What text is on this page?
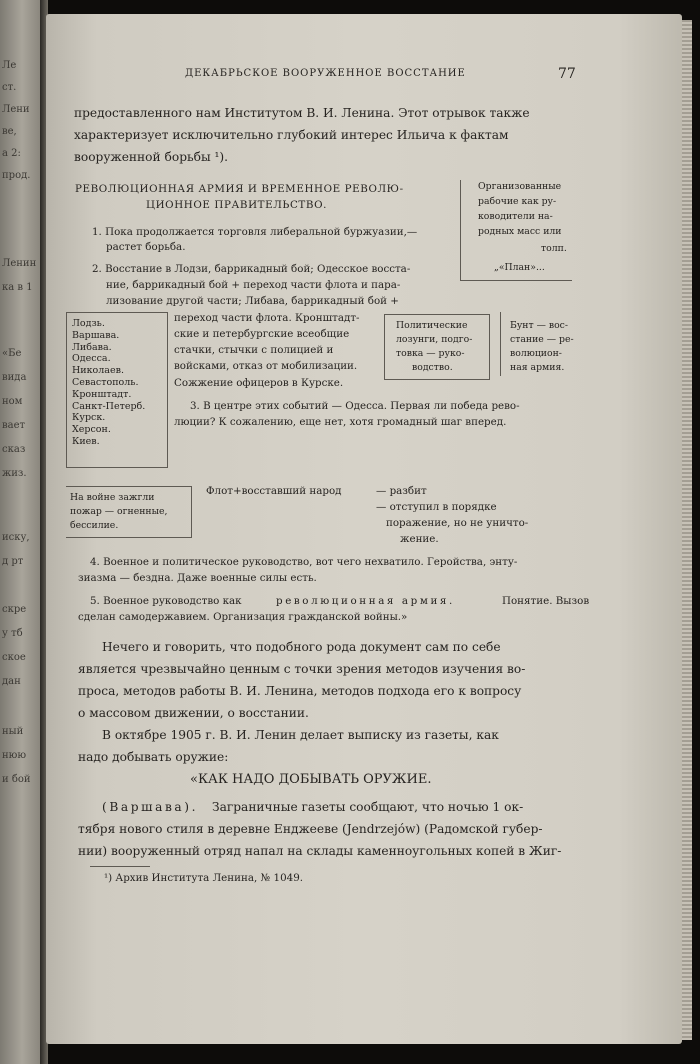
Ле
ст.
Лени
ве,
а 2:
прод.
Ленин
ка в 1
«Бе
вида
ном
вает
сказ
жиз.
иску,
д рт
скре
у тб
ское
дан
ный
нюю
и бой
ДЕКАБРЬСКОЕ ВООРУЖЕННОЕ ВОССТАНИЕ	77
предоставленного нам Институтом В. И. Ленина. Этот отрывок также
характеризует исключительно глубокий интерес Ильича к фактам
вооруженной борьбы ¹).
РЕВОЛЮЦИОННАЯ АРМИЯ И ВРЕМЕННОЕ РЕВОЛЮ-
ЦИОННОЕ ПРАВИТЕЛЬСТВО.
Организованные
рабочие как ру-
ководители на-
родных масс или
толп.
„«План»...
1. Пока продолжается торговля либеральной буржуазии,—
растет борьба.
2. Восстание в Лодзи, баррикадный бой; Одесское восста-
ние, баррикадный бой + переход части флота и пара-
лизование другой части; Либава, баррикадный бой +
переход части флота. Кронштадт-
ские и петербургские всеобщие
стачки, стычки с полицией и
войсками, отказ от мобилизации.
Сожжение офицеров в Курске.
Лодзь.
Варшава.
Либава.
Одесса.
Николаев.
Севастополь.
Кронштадт.
Санкт-Петерб.
Курск.
Херсон.
Киев.
Политические
лозунги, подго-
товка — руко-
водство.
Бунт — вос-
стание — ре-
волюцион-
ная армия.
3. В центре этих событий — Одесса. Первая ли победа рево-
люции? К сожалению, еще нет, хотя громадный шаг вперед.
Флот+восставший народ	— разбит
— отступил в порядке
поражение, но не уничто-
жение.
На войне зажгли
пожар — огненные,
бессилие.
4. Военное и политическое руководство, вот чего нехватило. Геройства, энту-
зиазма — бездна. Даже военные силы есть.
5. Военное руководство как	революционная армия.	Понятие. Вызов
сделан самодержавием. Организация гражданской войны.»
Нечего и говорить, что подобного рода документ сам по себе
является чрезвычайно ценным с точки зрения методов изучения во-
проса, методов работы В. И. Ленина, методов подхода его к вопросу
о массовом движении, о восстании.
В октябре 1905 г. В. И. Ленин делает выписку из газеты, как
надо добывать оружие:
«КАК НАДО ДОБЫВАТЬ ОРУЖИЕ.
(Варшава). Заграничные газеты сообщают, что ночью 1 ок-
тября нового стиля в деревне Енджееве (Jendrzejów) (Радомской губер-
нии) вооруженный отряд напал на склады каменноугольных копей в Жиг-
¹) Архив Института Ленина, № 1049.
